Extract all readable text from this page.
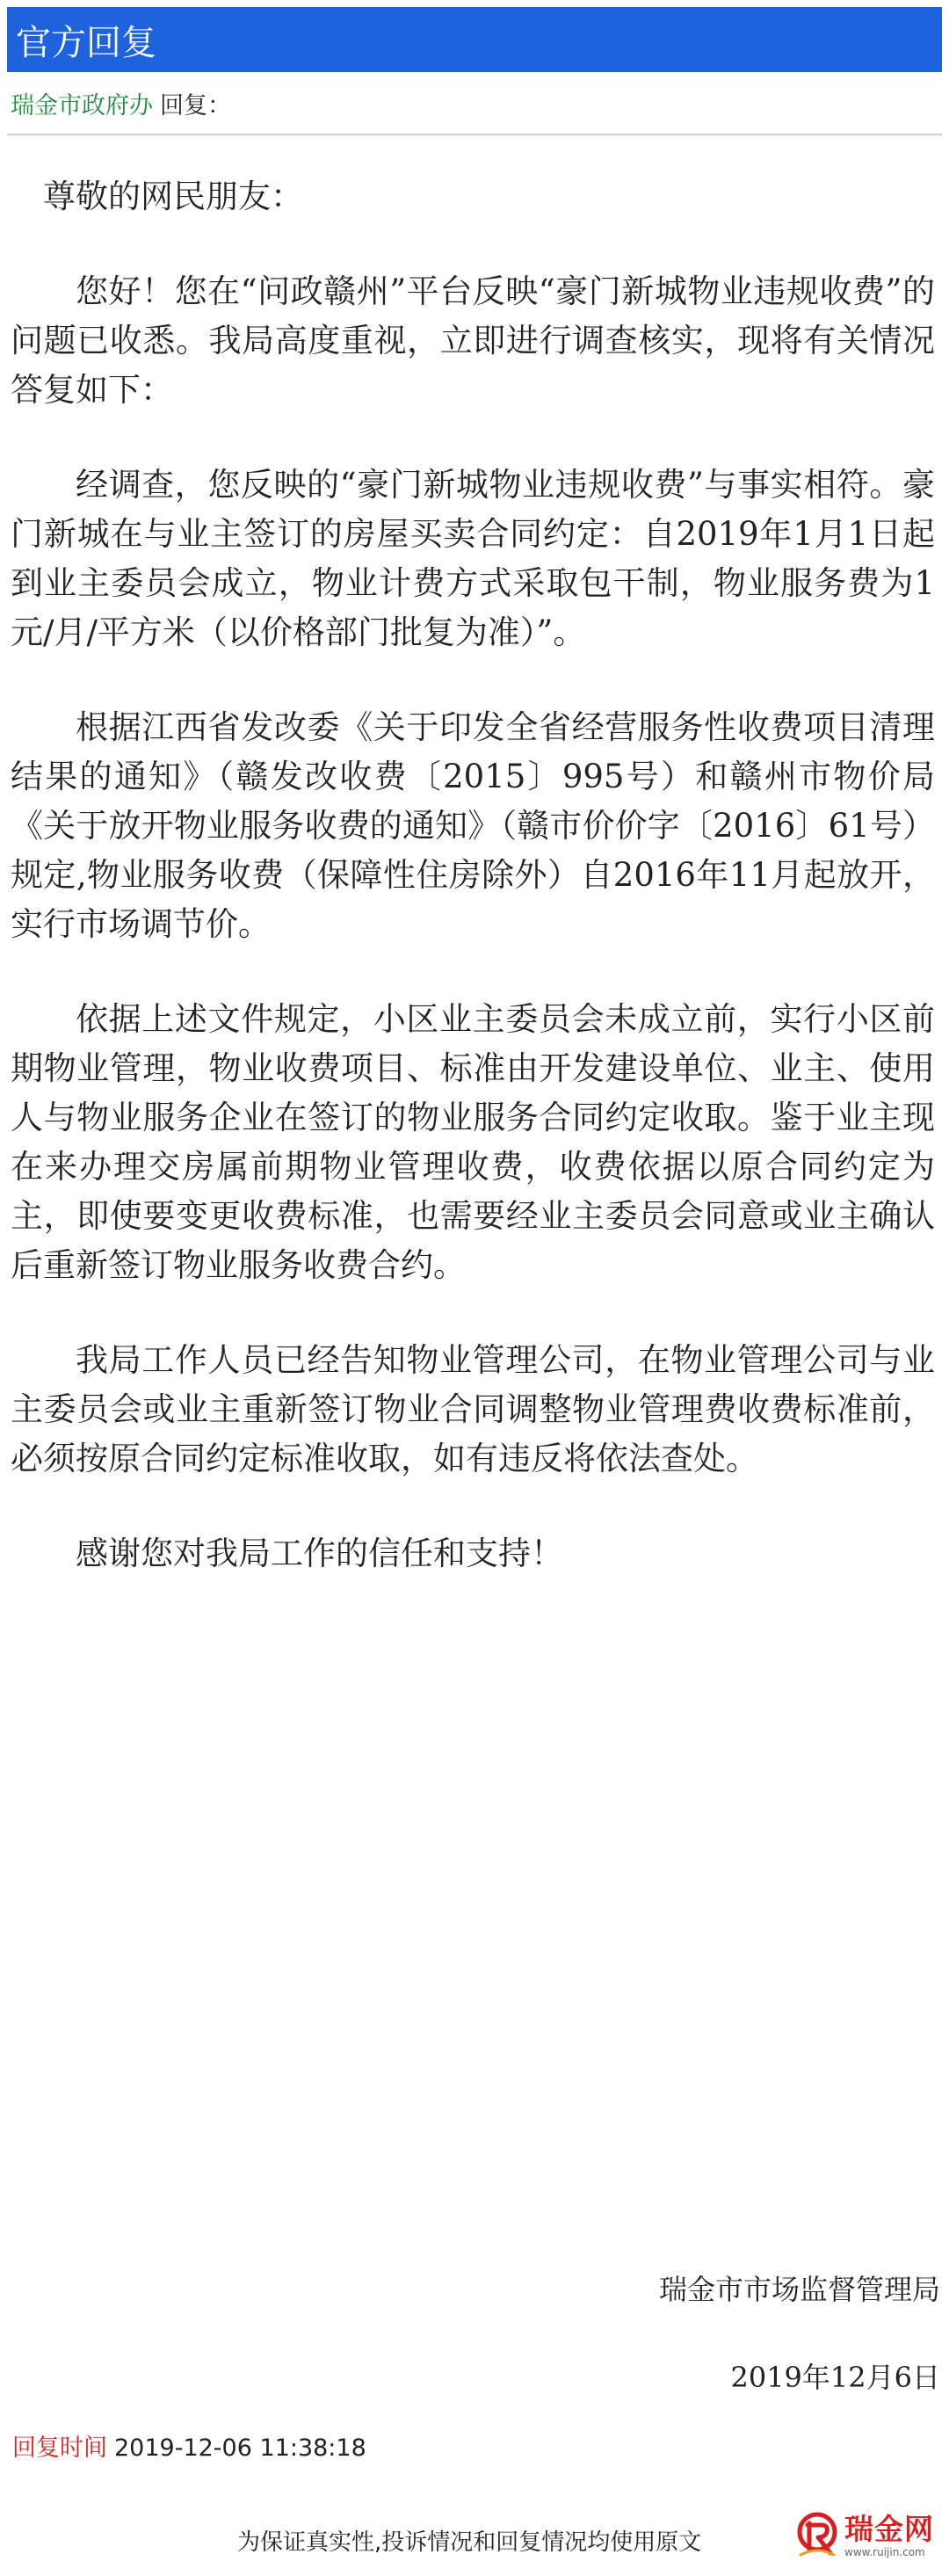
官方回复
瑞金市政府办 回复：

尊敬的网民朋友：

您好！您在“问政赣州”平台反映“豪门新城物业违规收费”的问题已收悉。我局高度重视，立即进行调查核实，现将有关情况答复如下：

经调查，您反映的“豪门新城物业违规收费”与事实相符。豪门新城在与业主签订的房屋买卖合同约定：自2019年1月1日起到业主委员会成立，物业计费方式采取包干制，物业服务费为1元/月/平方米（以价格部门批复为准）”。

根据江西省发改委《关于印发全省经营服务性收费项目清理结果的通知》（赣发改收费〔2015〕995号）和赣州市物价局《关于放开物业服务收费的通知》（赣市价价字〔2016〕61号）规定,物业服务收费（保障性住房除外）自2016年11月起放开，实行市场调节价。

依据上述文件规定，小区业主委员会未成立前，实行小区前期物业管理，物业收费项目、标准由开发建设单位、业主、使用人与物业服务企业在签订的物业服务合同约定收取。鉴于业主现在来办理交房属前期物业管理收费，收费依据以原合同约定为主，即使要变更收费标准，也需要经业主委员会同意或业主确认后重新签订物业服务收费合约。

我局工作人员已经告知物业管理公司，在物业管理公司与业主委员会或业主重新签订物业合同调整物业管理费收费标准前，必须按原合同约定标准收取，如有违反将依法查处。

感谢您对我局工作的信任和支持！

瑞金市市场监督管理局
2019年12月6日
回复时间 2019-12-06 11:38:18
为保证真实性,投诉情况和回复情况均使用原文	瑞金网
www.ruijin.com
